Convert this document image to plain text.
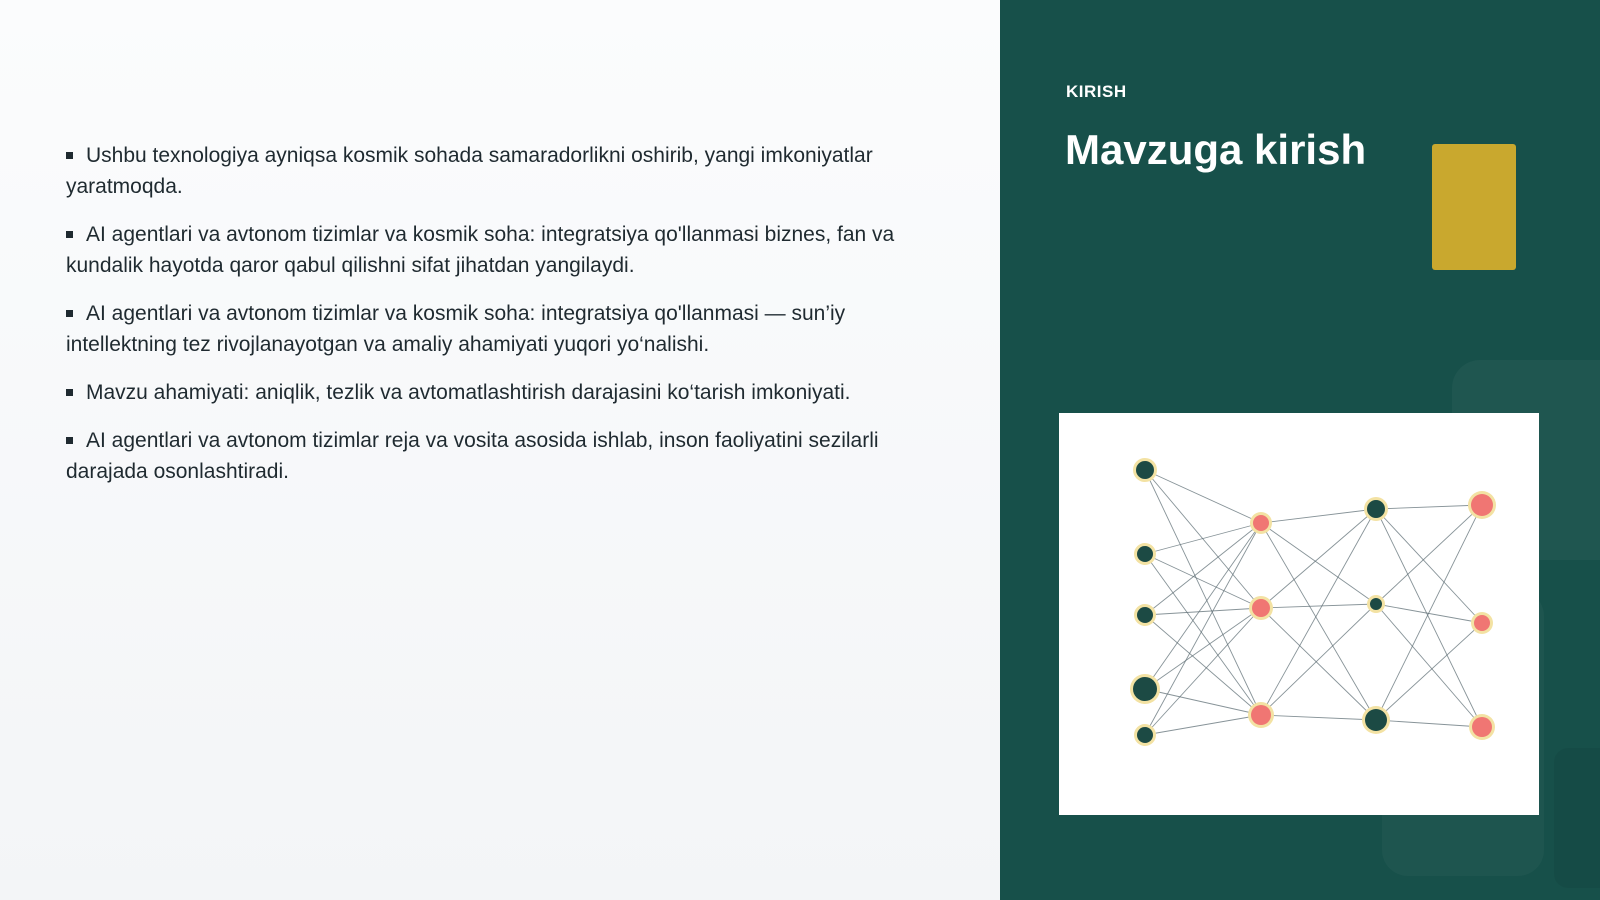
Ushbu texnologiya ayniqsa kosmik sohada samaradorlikni oshirib, yangi imkoniyatlar yaratmoqda.
AI agentlari va avtonom tizimlar va kosmik soha: integratsiya qo'llanmasi biznes, fan va kundalik hayotda qaror qabul qilishni sifat jihatdan yangilaydi.
AI agentlari va avtonom tizimlar va kosmik soha: integratsiya qo'llanmasi — sun’iy intellektning tez rivojlanayotgan va amaliy ahamiyati yuqori yo‘nalishi.
Mavzu ahamiyati: aniqlik, tezlik va avtomatlashtirish darajasini ko‘tarish imkoniyati.
AI agentlari va avtonom tizimlar reja va vosita asosida ishlab, inson faoliyatini sezilarli darajada osonlashtiradi.
KIRISH
Mavzuga kirish
